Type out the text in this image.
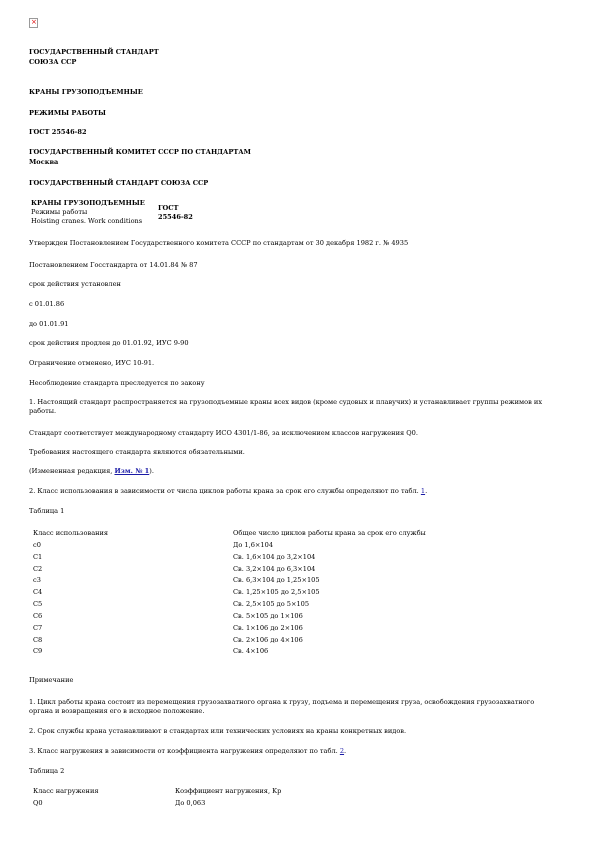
×

ГОСУДАРСТВЕННЫЙ СТАНДАРТ

СОЮЗА ССР

КРАНЫ ГРУЗОПОДЪЕМНЫЕ

РЕЖИМЫ РАБОТЫ

ГОСТ 25546-82

ГОСУДАРСТВЕННЫЙ КОМИТЕТ СССР ПО СТАНДАРТАМ

Москва

ГОСУДАРСТВЕННЫЙ СТАНДАРТ СОЮЗА ССР

КРАНЫ ГРУЗОПОДЪЕМНЫЕ
Режимы работы
Hoisting cranes. Work conditions
ГОСТ
25546-82

Утвержден Постановлением Государственного комитета СССР по стандартам от 30 декабря 1982 г. № 4935

Постановлением Госстандарта от 14.01.84 № 87

срок действия установлен

с 01.01.86

до 01.01.91

срок действия продлен до 01.01.92, ИУС 9-90

Ограничение отменено, ИУС 10-91.

Несоблюдение стандарта преследуется по закону

1. Настоящий стандарт распространяется на грузоподъемные краны всех видов (кроме судовых и плавучих) и устанавливает группы режимов их работы.

Стандарт соответствует международному стандарту ИСО 4301/1-86, за исключением классов нагружения Q0.

Требования настоящего стандарта являются обязательными.

(Измененная редакция, Изм. № 1).

2. Класс использования в зависимости от числа циклов работы крана за срок его службы определяют по табл. 1.

Таблица 1

Класс использования	Общее число циклов работы крана за срок его службы
с0	До 1,6×104
С1	Св. 1,6×104 до 3,2×104
С2	Св. 3,2×104 до 6,3×104
с3	Св. 6,3×104 до 1,25×105
С4	Св. 1,25×105 до 2,5×105
С5	Св. 2,5×105 до 5×105
С6	Св. 5×105 до 1×106
С7	Св. 1×106 до 2×106
С8	Св. 2×106 до 4×106
С9	Св. 4×106

Примечание

1. Цикл работы крана состоит из перемещения грузозахватного органа к грузу, подъема и перемещения груза, освобождения грузозахватного органа и возвращения его в исходное положение.

2. Срок службы крана устанавливают в стандартах или технических условиях на краны конкретных видов.

3. Класс нагружения в зависимости от коэффициента нагружения определяют по табл. 2.

Таблица 2

Класс нагружения	Коэффициент нагружения, Kр
Q0	До 0,063
